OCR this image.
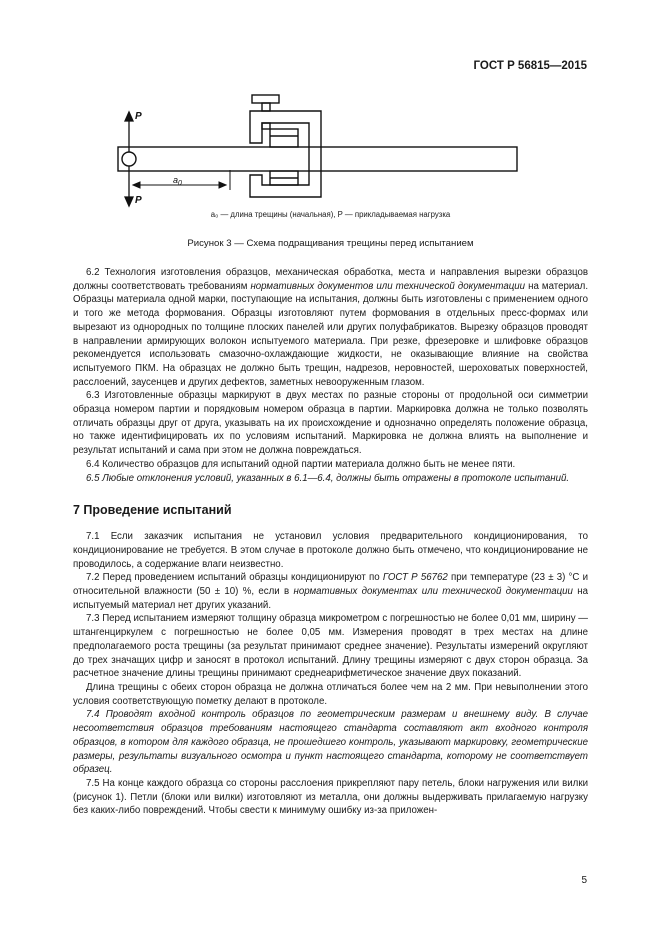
ГОСТ Р 56815—2015
P
P
$a_0$
a₀ — длина трещины (начальная), P — прикладываемая нагрузка
Рисунок 3 — Схема подращивания трещины перед испытанием

6.2 Технология изготовления образцов, механическая обработка, места и направления вырезки образцов должны соответствовать требованиям нормативных документов или технической документации на материал. Образцы материала одной марки, поступающие на испытания, должны быть изготовлены с применением одного и того же метода формования. Образцы изготовляют путем формования в отдельных пресс-формах или вырезают из однородных по толщине плоских панелей или других полуфабрикатов. Вырезку образцов проводят в направлении армирующих волокон испытуемого материала. При резке, фрезеровке и шлифовке образцов рекомендуется использовать смазочно-охлаждающие жидкости, не оказывающие влияние на свойства испытуемого ПКМ. На образцах не должно быть трещин, надрезов, неровностей, шероховатых поверхностей, расслоений, заусенцев и других дефектов, заметных невооруженным глазом.

6.3 Изготовленные образцы маркируют в двух местах по разные стороны от продольной оси симметрии образца номером партии и порядковым номером образца в партии. Маркировка должна не только позволять отличать образцы друг от друга, указывать на их происхождение и однозначно определять положение образца, но также идентифицировать их по условиям испытаний. Маркировка не должна влиять на выполнение и результат испытаний и сама при этом не должна повреждаться.

6.4 Количество образцов для испытаний одной партии материала должно быть не менее пяти.

6.5 Любые отклонения условий, указанных в 6.1—6.4, должны быть отражены в протоколе испытаний.

7 Проведение испытаний

7.1 Если заказчик испытания не установил условия предварительного кондиционирования, то кондиционирование не требуется. В этом случае в протоколе должно быть отмечено, что кондиционирование не проводилось, а содержание влаги неизвестно.

7.2 Перед проведением испытаний образцы кондиционируют по ГОСТ Р 56762 при температуре (23 ± 3) °С и относительной влажности (50 ± 10) %, если в нормативных документах или технической документации на испытуемый материал нет других указаний.

7.3 Перед испытанием измеряют толщину образца микрометром с погрешностью не более 0,01 мм, ширину — штангенциркулем с погрешностью не более 0,05 мм. Измерения проводят в трех местах на длине предполагаемого роста трещины (за результат принимают среднее значение). Результаты измерений округляют до трех значащих цифр и заносят в протокол испытаний. Длину трещины измеряют с двух сторон образца. За расчетное значение длины трещины принимают среднеарифметическое значение двух показаний.

Длина трещины с обеих сторон образца не должна отличаться более чем на 2 мм. При невыполнении этого условия соответствующую пометку делают в протоколе.

7.4 Проводят входной контроль образцов по геометрическим размерам и внешнему виду. В случае несоответствия образцов требованиям настоящего стандарта составляют акт входного контроля образцов, в котором для каждого образца, не прошедшего контроль, указывают маркировку, геометрические размеры, результаты визуального осмотра и пункт настоящего стандарта, которому не соответствует образец.

7.5 На конце каждого образца со стороны расслоения прикрепляют пару петель, блоки нагружения или вилки (рисунок 1). Петли (блоки или вилки) изготовляют из металла, они должны выдерживать прилагаемую нагрузку без каких-либо повреждений. Чтобы свести к минимуму ошибку из-за приложен-

5
